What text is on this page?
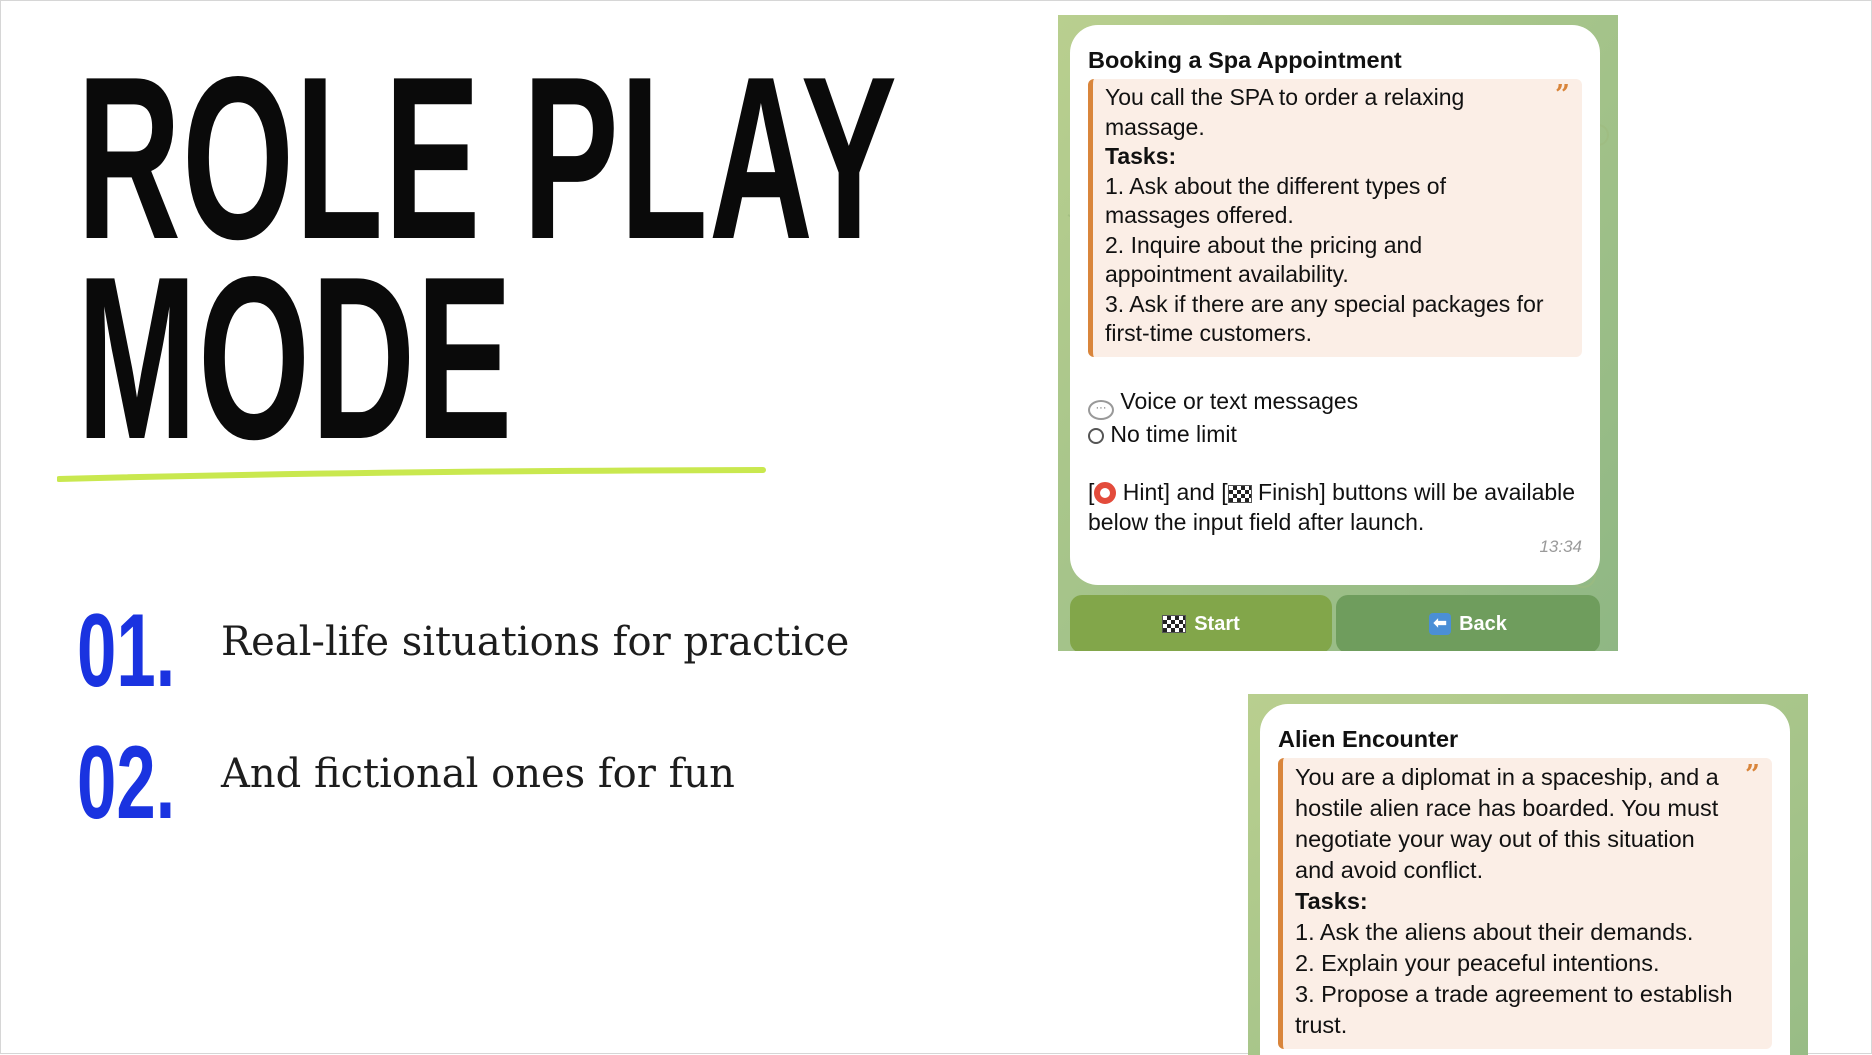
ROLE PLAY
MODE
01. Real-life situations for practice
02. And fictional ones for fun
Booking a Spa Appointment
”
You call the SPA to order a relaxing massage.
Tasks:
1. Ask about the different types of massages offered.
2. Inquire about the pricing and appointment availability.
3. Ask if there are any special packages for first-time customers.
··· Voice or text messages
No time limit
[ Hint] and [ Finish] buttons will be available below the input field after launch.
13:34
Start	⬅ Back
Alien Encounter
”
You are a diplomat in a spaceship, and a hostile alien race has boarded. You must negotiate your way out of this situation and avoid conflict.
Tasks:
1. Ask the aliens about their demands.
2. Explain your peaceful intentions.
3. Propose a trade agreement to establish trust.
